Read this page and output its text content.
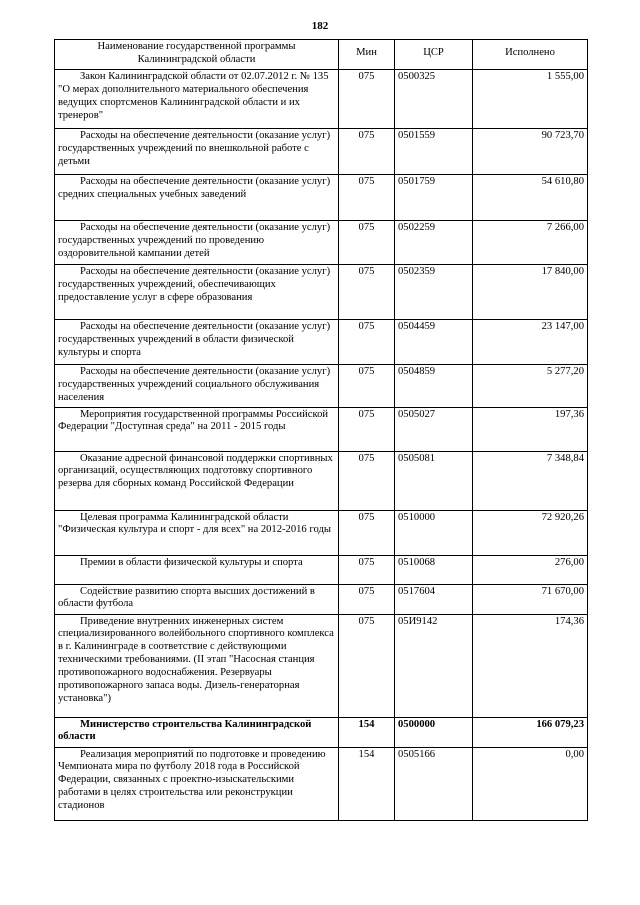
182
Наименование государственной программы Калининградской области	Мин	ЦСР	Исполнено
Закон Калининградской области от 02.07.2012 г. № 135 "О мерах дополнительного материального обеспечения ведущих спортсменов Калининградской области и их тренеров"	075	0500325	1 555,00
Расходы на обеспечение деятельности (оказание услуг) государственных учреждений по внешкольной работе с детьми	075	0501559	90 723,70
Расходы на обеспечение деятельности (оказание услуг) средних специальных учебных заведений	075	0501759	54 610,80
Расходы на обеспечение деятельности (оказание услуг) государственных учреждений по проведению оздоровительной кампании детей	075	0502259	7 266,00
Расходы на обеспечение деятельности (оказание услуг) государственных учреждений, обеспечивающих предоставление услуг в сфере образования	075	0502359	17 840,00
Расходы на обеспечение деятельности (оказание услуг) государственных учреждений в области физической культуры и спорта	075	0504459	23 147,00
Расходы на обеспечение деятельности (оказание услуг) государственных учреждений социального обслуживания населения	075	0504859	5 277,20
Мероприятия государственной программы Российской Федерации "Доступная среда" на 2011 - 2015 годы	075	0505027	197,36
Оказание адресной финансовой поддержки спортивных организаций, осуществляющих подготовку спортивного резерва для сборных команд Российской Федерации	075	0505081	7 348,84
Целевая программа Калининградской области "Физическая культура и спорт - для всех" на 2012-2016 годы	075	0510000	72 920,26
Премии в области физической культуры и спорта	075	0510068	276,00
Содействие развитию спорта высших достижений в области футбола	075	0517604	71 670,00
Приведение внутренних инженерных систем специализированного волейбольного спортивного комплекса в г. Калининграде в соответствие с действующими техническими требованиями. (II этап "Насосная станция противопожарного водоснабжения. Резервуары противопожарного запаса воды. Дизель-генераторная установка")	075	05И9142	174,36
Министерство строительства Калининградской области	154	0500000	166 079,23
Реализация мероприятий по подготовке и проведению Чемпионата мира по футболу 2018 года в Российской Федерации, связанных с проектно-изыскательскими работами в целях строительства или реконструкции стадионов	154	0505166	0,00
